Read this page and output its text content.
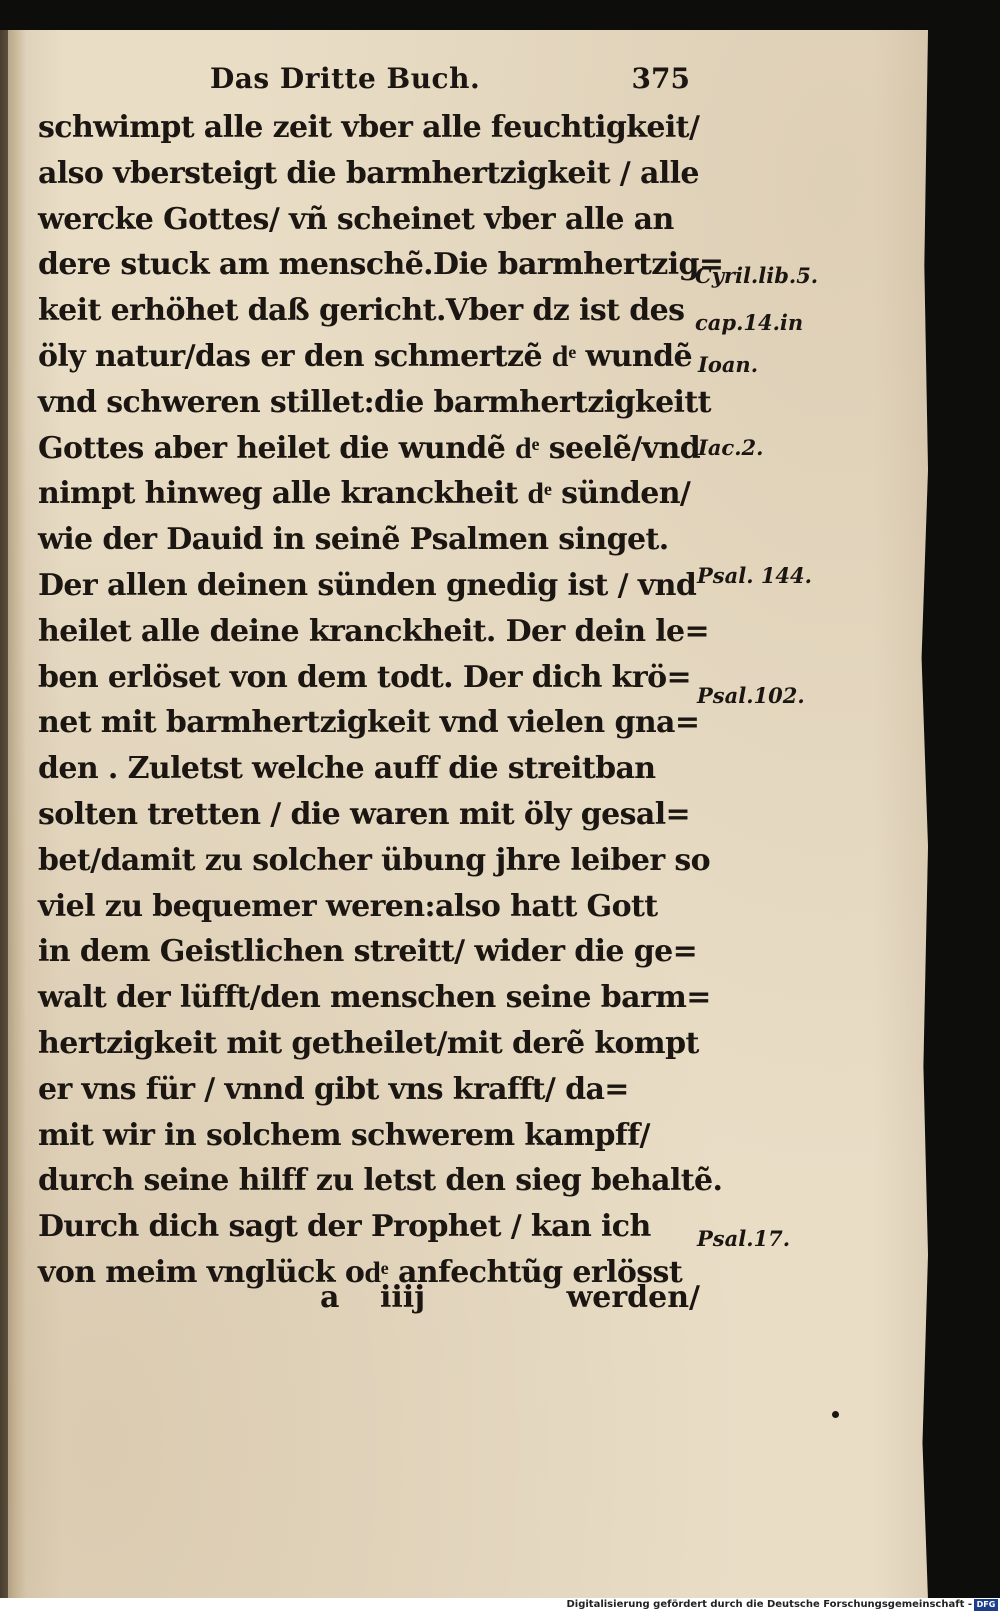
Das Dritte Buch.	375
schwimpt alle zeit vber alle feuchtigkeit/
also vbersteigt die barmhertzigkeit / alle
wercke Gottes/ vñ scheinet vber alle an
dere stuck am menschẽ.Die barmhertzig=
keit erhöhet daß gericht.Vber dz ist des
öly natur/das er den schmertzẽ dͤ wundẽ
vnd schweren stillet:die barmhertzigkeitt
Gottes aber heilet die wundẽ dͤ seelẽ/vnd
nimpt hinweg alle kranckheit dͤ sünden/
wie der Dauid in seinẽ Psalmen singet.
Der allen deinen sünden gnedig ist / vnd
heilet alle deine kranckheit. Der dein le=
ben erlöset von dem todt. Der dich krö=
net mit barmhertzigkeit vnd vielen gna=
den . Zuletst welche auff die streitban
solten tretten / die waren mit öly gesal=
bet/damit zu solcher übung jhre leiber so
viel zu bequemer weren:also hatt Gott
in dem Geistlichen streitt/ wider die ge=
walt der lüfft/den menschen seine barm=
hertzigkeit mit getheilet/mit derẽ kompt
er vns für / vnnd gibt vns krafft/ da=
mit wir in solchem schwerem kampff/
durch seine hilff zu letst den sieg behaltẽ.
Durch dich sagt der Prophet / kan ich
von meim vnglück odͤ anfechtũg erlösst
Cyril.lib.5.
cap.14.in
Ioan.
Iac.2.
Psal. 144.
Psal.102.
Psal.17.
a iiij	werden/
Digitalisierung gefördert durch die Deutsche Forschungsgemeinschaft - DFG
